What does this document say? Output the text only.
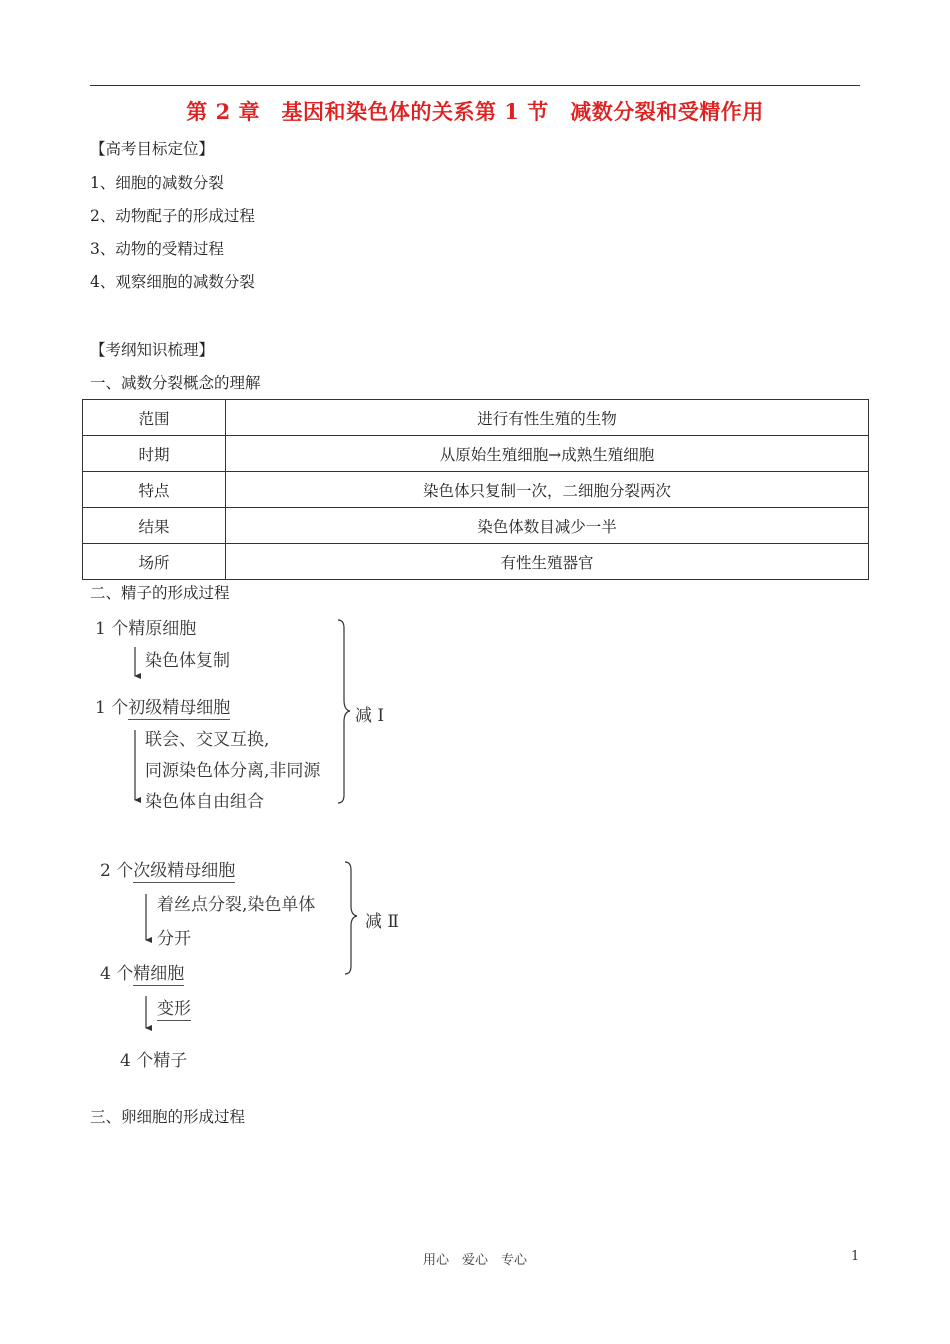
第 2 章　基因和染色体的关系第 1 节　减数分裂和受精作用
【高考目标定位】
1、细胞的减数分裂
2、动物配子的形成过程
3、动物的受精过程
4、观察细胞的减数分裂
【考纲知识梳理】
一、减数分裂概念的理解
范围	进行有性生殖的生物
时期	从原始生殖细胞→成熟生殖细胞
特点	染色体只复制一次，二细胞分裂两次
结果	染色体数目减少一半
场所	有性生殖器官
二、精子的形成过程
1 个精原细胞
染色体复制
1 个初级精母细胞
联会、交叉互换,
同源染色体分离,非同源
染色体自由组合
减 Ⅰ
2 个次级精母细胞
着丝点分裂,染色单体
分开
减 Ⅱ
4 个精细胞
变形
4 个精子
三、卵细胞的形成过程
用心　爱心　专心	1
